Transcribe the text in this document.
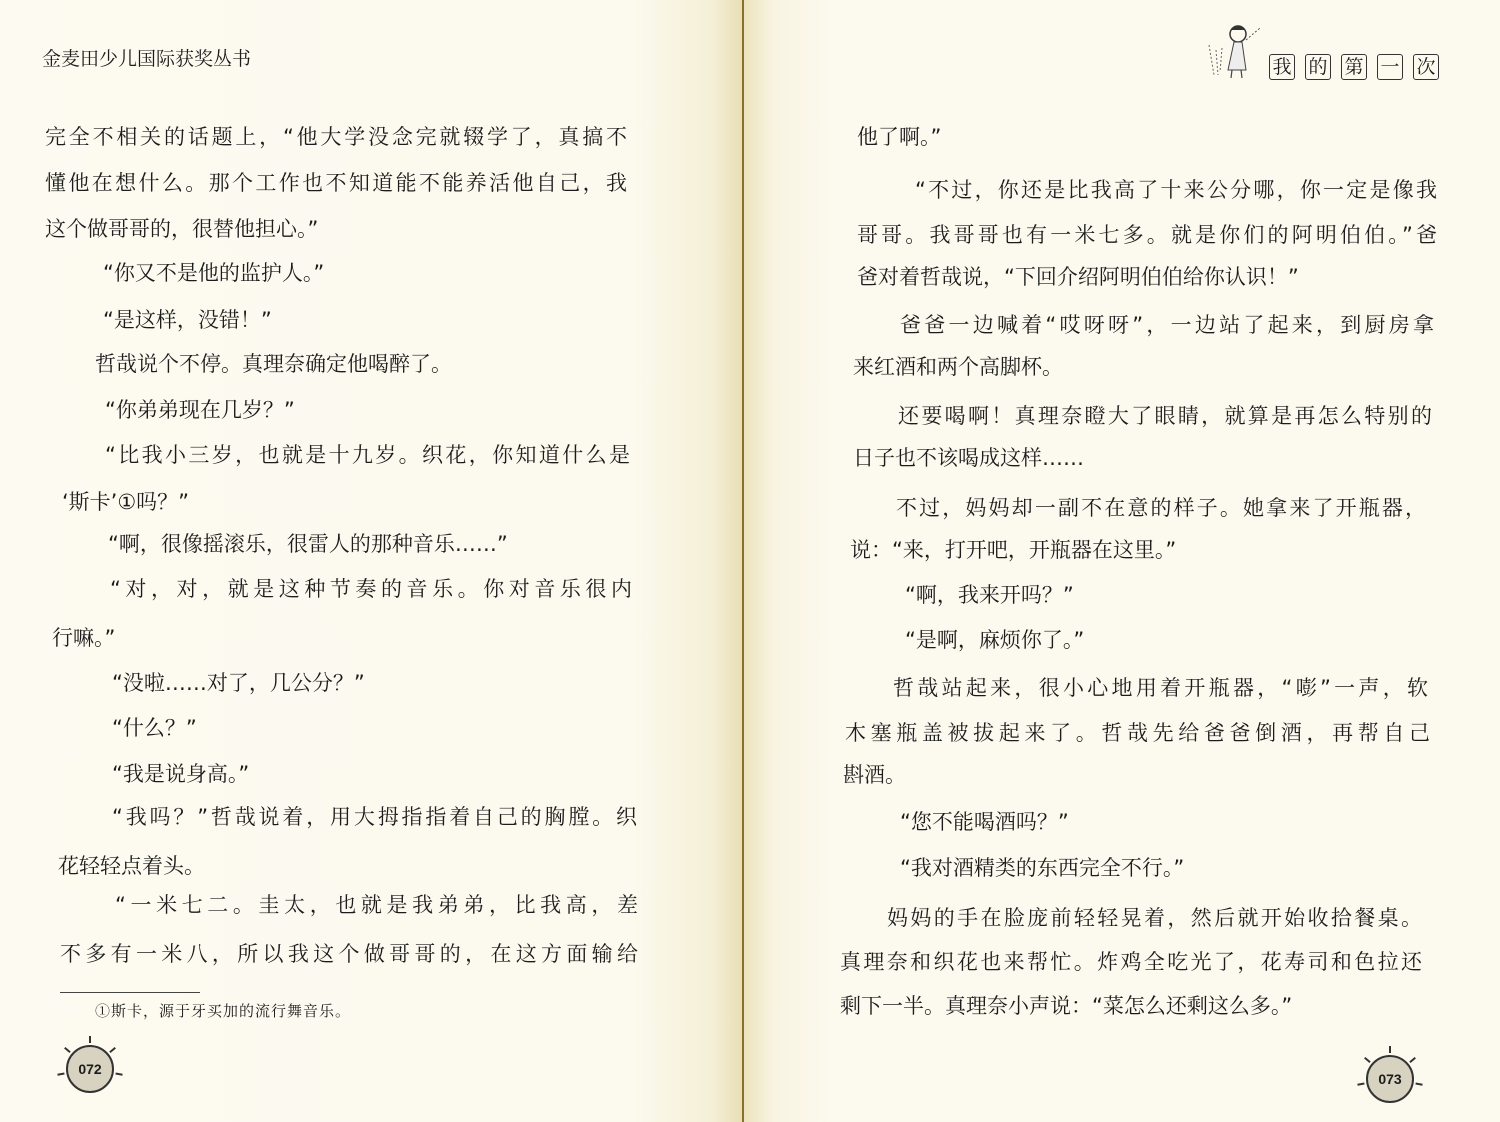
金麦田少儿国际获奖丛书
完全不相关的话题上，“他大学没念完就辍学了，真搞不
懂他在想什么。那个工作也不知道能不能养活他自己，我
这个做哥哥的，很替他担心。”
“你又不是他的监护人。”
“是这样，没错！”
哲哉说个不停。真理奈确定他喝醉了。
“你弟弟现在几岁？”
“比我小三岁，也就是十九岁。织花，你知道什么是
‘斯卡’①吗？”
“啊，很像摇滚乐，很雷人的那种音乐……”
“对，对，就是这种节奏的音乐。你对音乐很内
行嘛。”
“没啦……对了，几公分？”
“什么？”
“我是说身高。”
“我吗？”哲哉说着，用大拇指指着自己的胸膛。织
花轻轻点着头。
“一米七二。圭太，也就是我弟弟，比我高，差
不多有一米八，所以我这个做哥哥的，在这方面输给
①斯卡，源于牙买加的流行舞音乐。
072
我 的 第 一 次
他了啊。”
“不过，你还是比我高了十来公分哪，你一定是像我
哥哥。我哥哥也有一米七多。就是你们的阿明伯伯。”爸
爸对着哲哉说，“下回介绍阿明伯伯给你认识！”
爸爸一边喊着“哎呀呀”，一边站了起来，到厨房拿
来红酒和两个高脚杯。
还要喝啊！真理奈瞪大了眼睛，就算是再怎么特别的
日子也不该喝成这样……
不过，妈妈却一副不在意的样子。她拿来了开瓶器，
说：“来，打开吧，开瓶器在这里。”
“啊，我来开吗？”
“是啊，麻烦你了。”
哲哉站起来，很小心地用着开瓶器，“嘭”一声，软
木塞瓶盖被拔起来了。哲哉先给爸爸倒酒，再帮自己
斟酒。
“您不能喝酒吗？”
“我对酒精类的东西完全不行。”
妈妈的手在脸庞前轻轻晃着，然后就开始收拾餐桌。
真理奈和织花也来帮忙。炸鸡全吃光了，花寿司和色拉还
剩下一半。真理奈小声说：“菜怎么还剩这么多。”
073
